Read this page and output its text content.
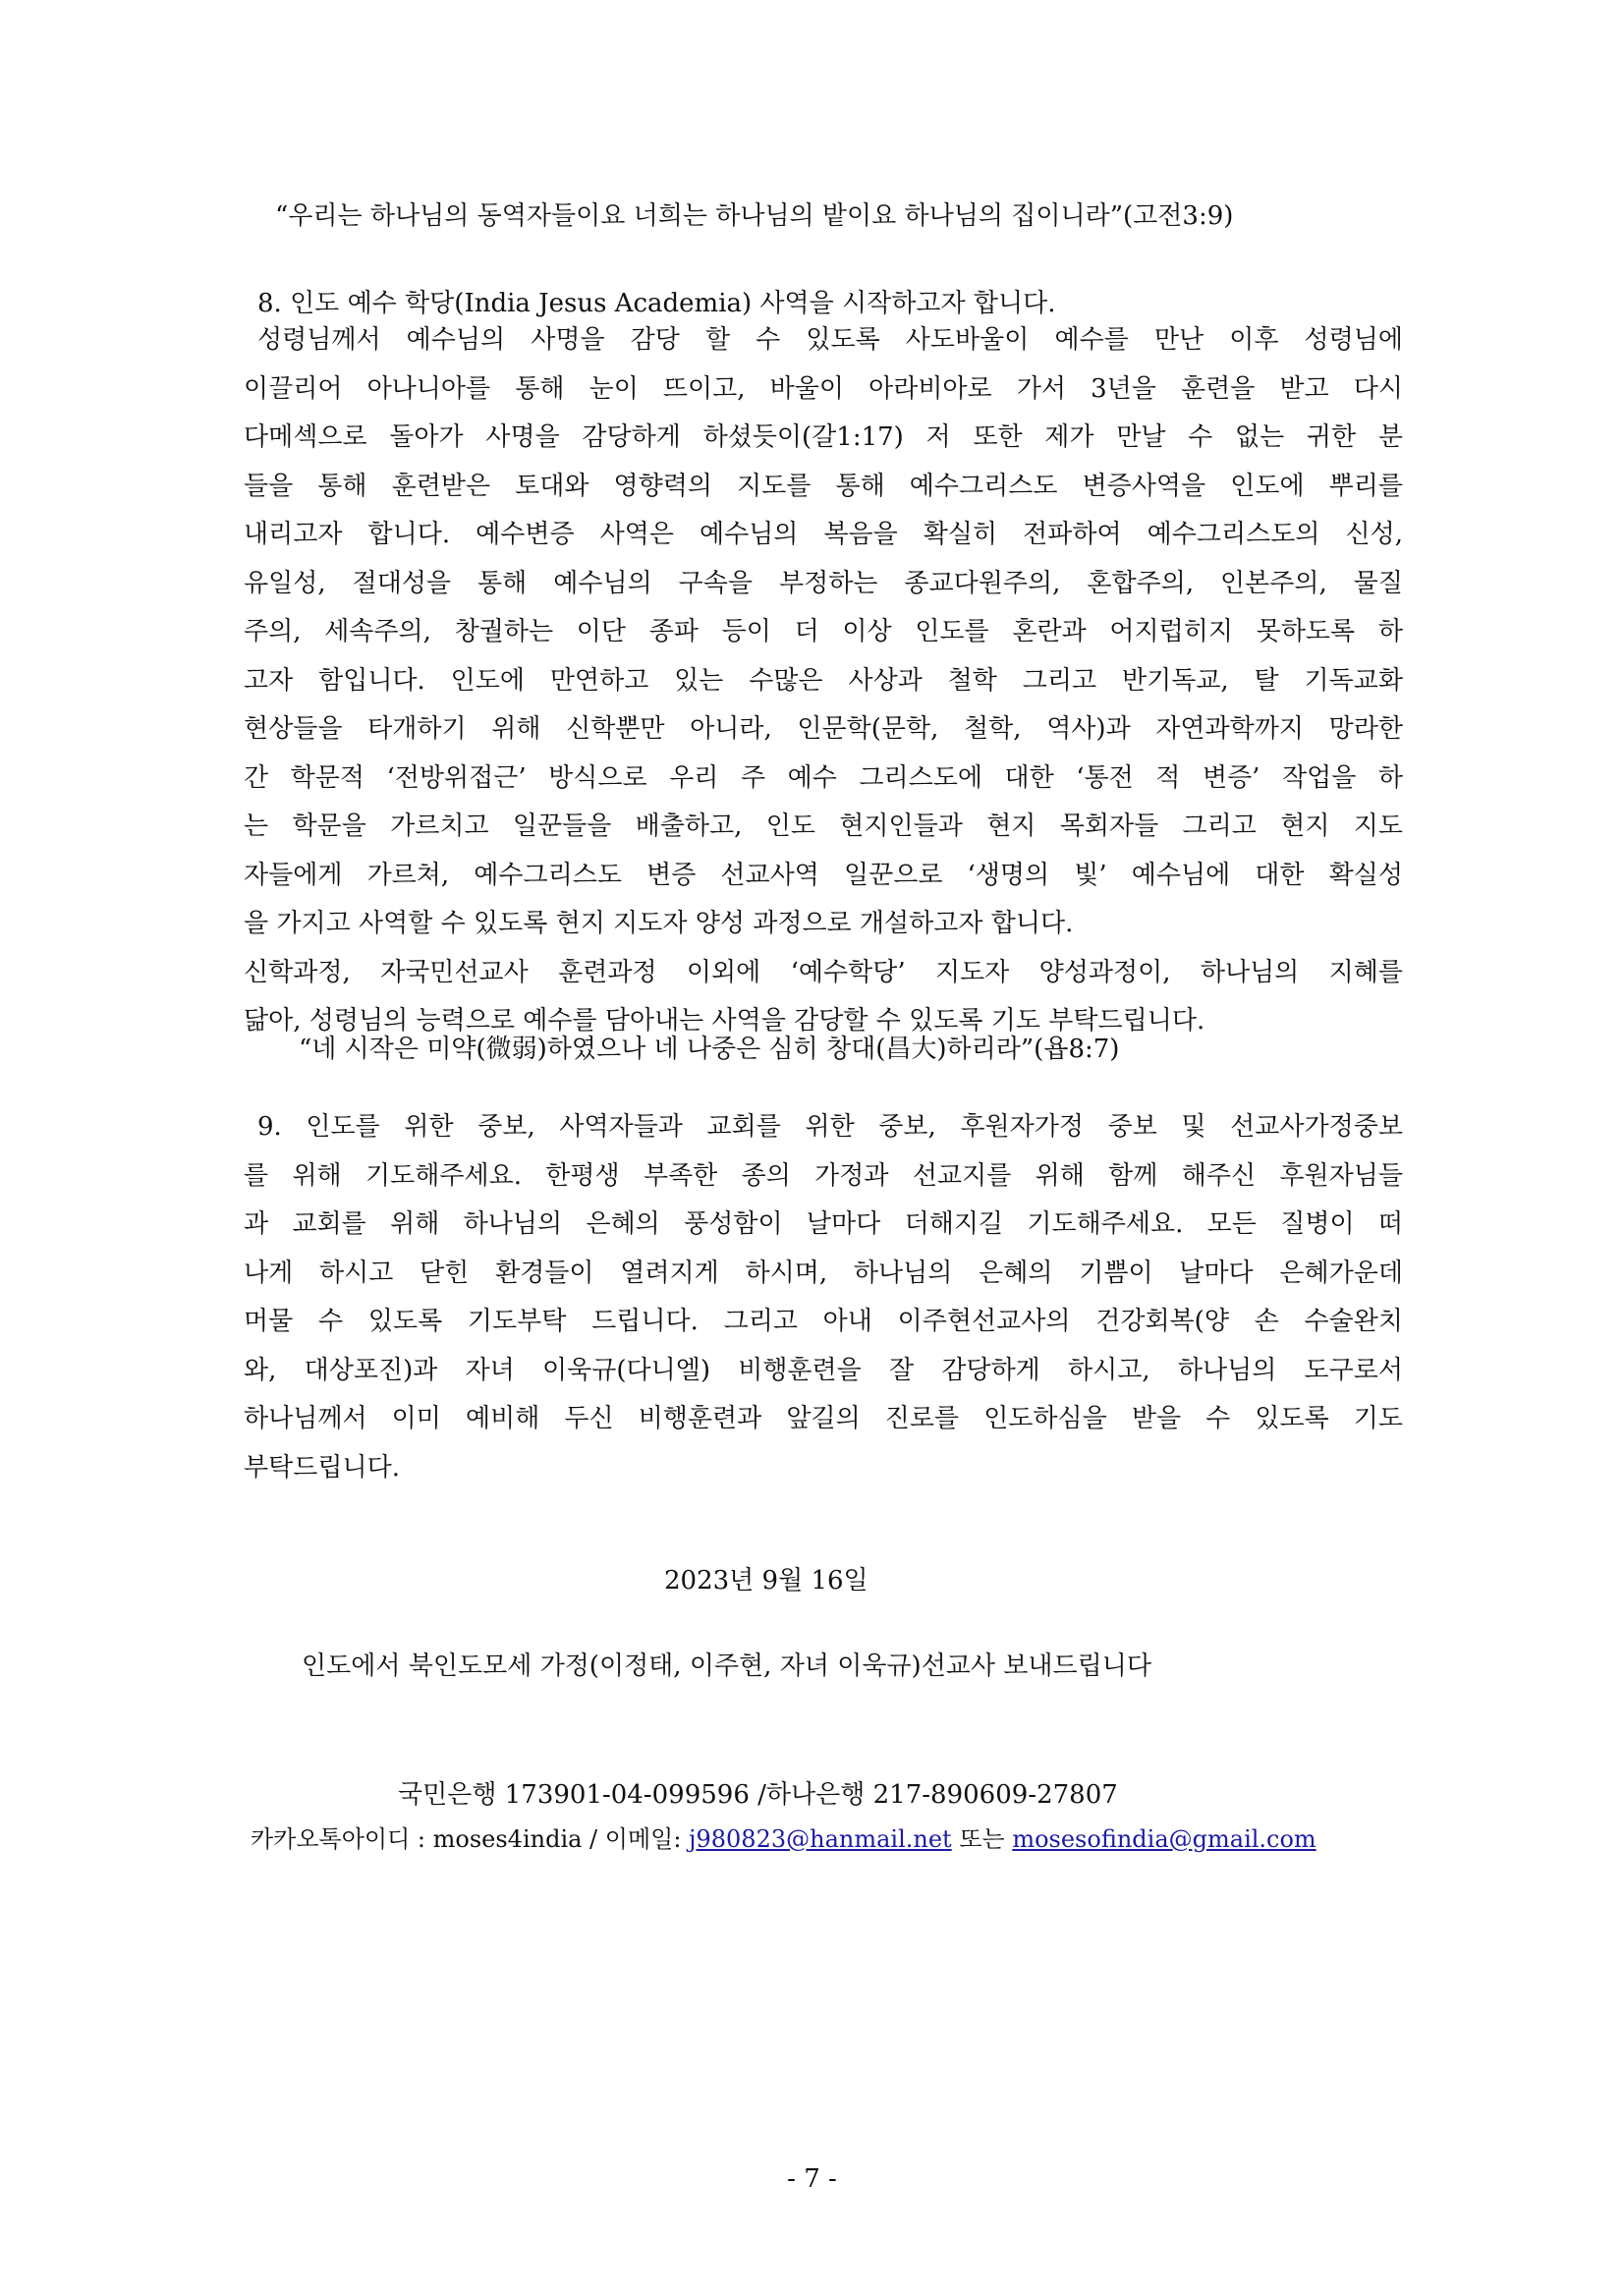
“우리는 하나님의 동역자들이요 너희는 하나님의 밭이요 하나님의 집이니라”(고전3:9)
8. 인도 예수 학당(India Jesus Academia) 사역을 시작하고자 합니다.
성령님께서 예수님의 사명을 감당 할 수 있도록 사도바울이 예수를 만난 이후 성령님에
이끌리어 아나니아를 통해 눈이 뜨이고, 바울이 아라비아로 가서 3년을 훈련을 받고 다시
다메섹으로 돌아가 사명을 감당하게 하셨듯이(갈1:17) 저 또한 제가 만날 수 없는 귀한 분
들을 통해 훈련받은 토대와 영향력의 지도를 통해 예수그리스도 변증사역을 인도에 뿌리를
내리고자 합니다. 예수변증 사역은 예수님의 복음을 확실히 전파하여 예수그리스도의 신성,
유일성, 절대성을 통해 예수님의 구속을 부정하는 종교다원주의, 혼합주의, 인본주의, 물질
주의, 세속주의, 창궐하는 이단 종파 등이 더 이상 인도를 혼란과 어지럽히지 못하도록 하
고자 함입니다. 인도에 만연하고 있는 수많은 사상과 철학 그리고 반기독교, 탈 기독교화
현상들을 타개하기 위해 신학뿐만 아니라, 인문학(문학, 철학, 역사)과 자연과학까지 망라한
간 학문적 ‘전방위접근’ 방식으로 우리 주 예수 그리스도에 대한 ‘통전 적 변증’ 작업을 하
는 학문을 가르치고 일꾼들을 배출하고, 인도 현지인들과 현지 목회자들 그리고 현지 지도
자들에게 가르쳐, 예수그리스도 변증 선교사역 일꾼으로 ‘생명의 빛’ 예수님에 대한 확실성
을 가지고 사역할 수 있도록 현지 지도자 양성 과정으로 개설하고자 합니다.
신학과정, 자국민선교사 훈련과정 이외에 ‘예수학당’ 지도자 양성과정이, 하나님의 지혜를
닮아, 성령님의 능력으로 예수를 담아내는 사역을 감당할 수 있도록 기도 부탁드립니다.
“네 시작은 미약(微弱)하였으나 네 나중은 심히 창대(昌大)하리라”(욥8:7)
9. 인도를 위한 중보, 사역자들과 교회를 위한 중보, 후원자가정 중보 및 선교사가정중보
를 위해 기도해주세요. 한평생 부족한 종의 가정과 선교지를 위해 함께 해주신 후원자님들
과 교회를 위해 하나님의 은혜의 풍성함이 날마다 더해지길 기도해주세요. 모든 질병이 떠
나게 하시고 닫힌 환경들이 열려지게 하시며, 하나님의 은혜의 기쁨이 날마다 은혜가운데
머물 수 있도록 기도부탁 드립니다. 그리고 아내 이주현선교사의 건강회복(양 손 수술완치
와, 대상포진)과 자녀 이욱규(다니엘) 비행훈련을 잘 감당하게 하시고, 하나님의 도구로서
하나님께서 이미 예비해 두신 비행훈련과 앞길의 진로를 인도하심을 받을 수 있도록 기도
부탁드립니다.
2023년 9월 16일
인도에서 북인도모세 가정(이정태, 이주현, 자녀 이욱규)선교사 보내드립니다
국민은행 173901-04-099596 /하나은행 217-890609-27807
카카오톡아이디 : moses4india / 이메일: j980823@hanmail.net 또는 mosesofindia@gmail.com
- 7 -
